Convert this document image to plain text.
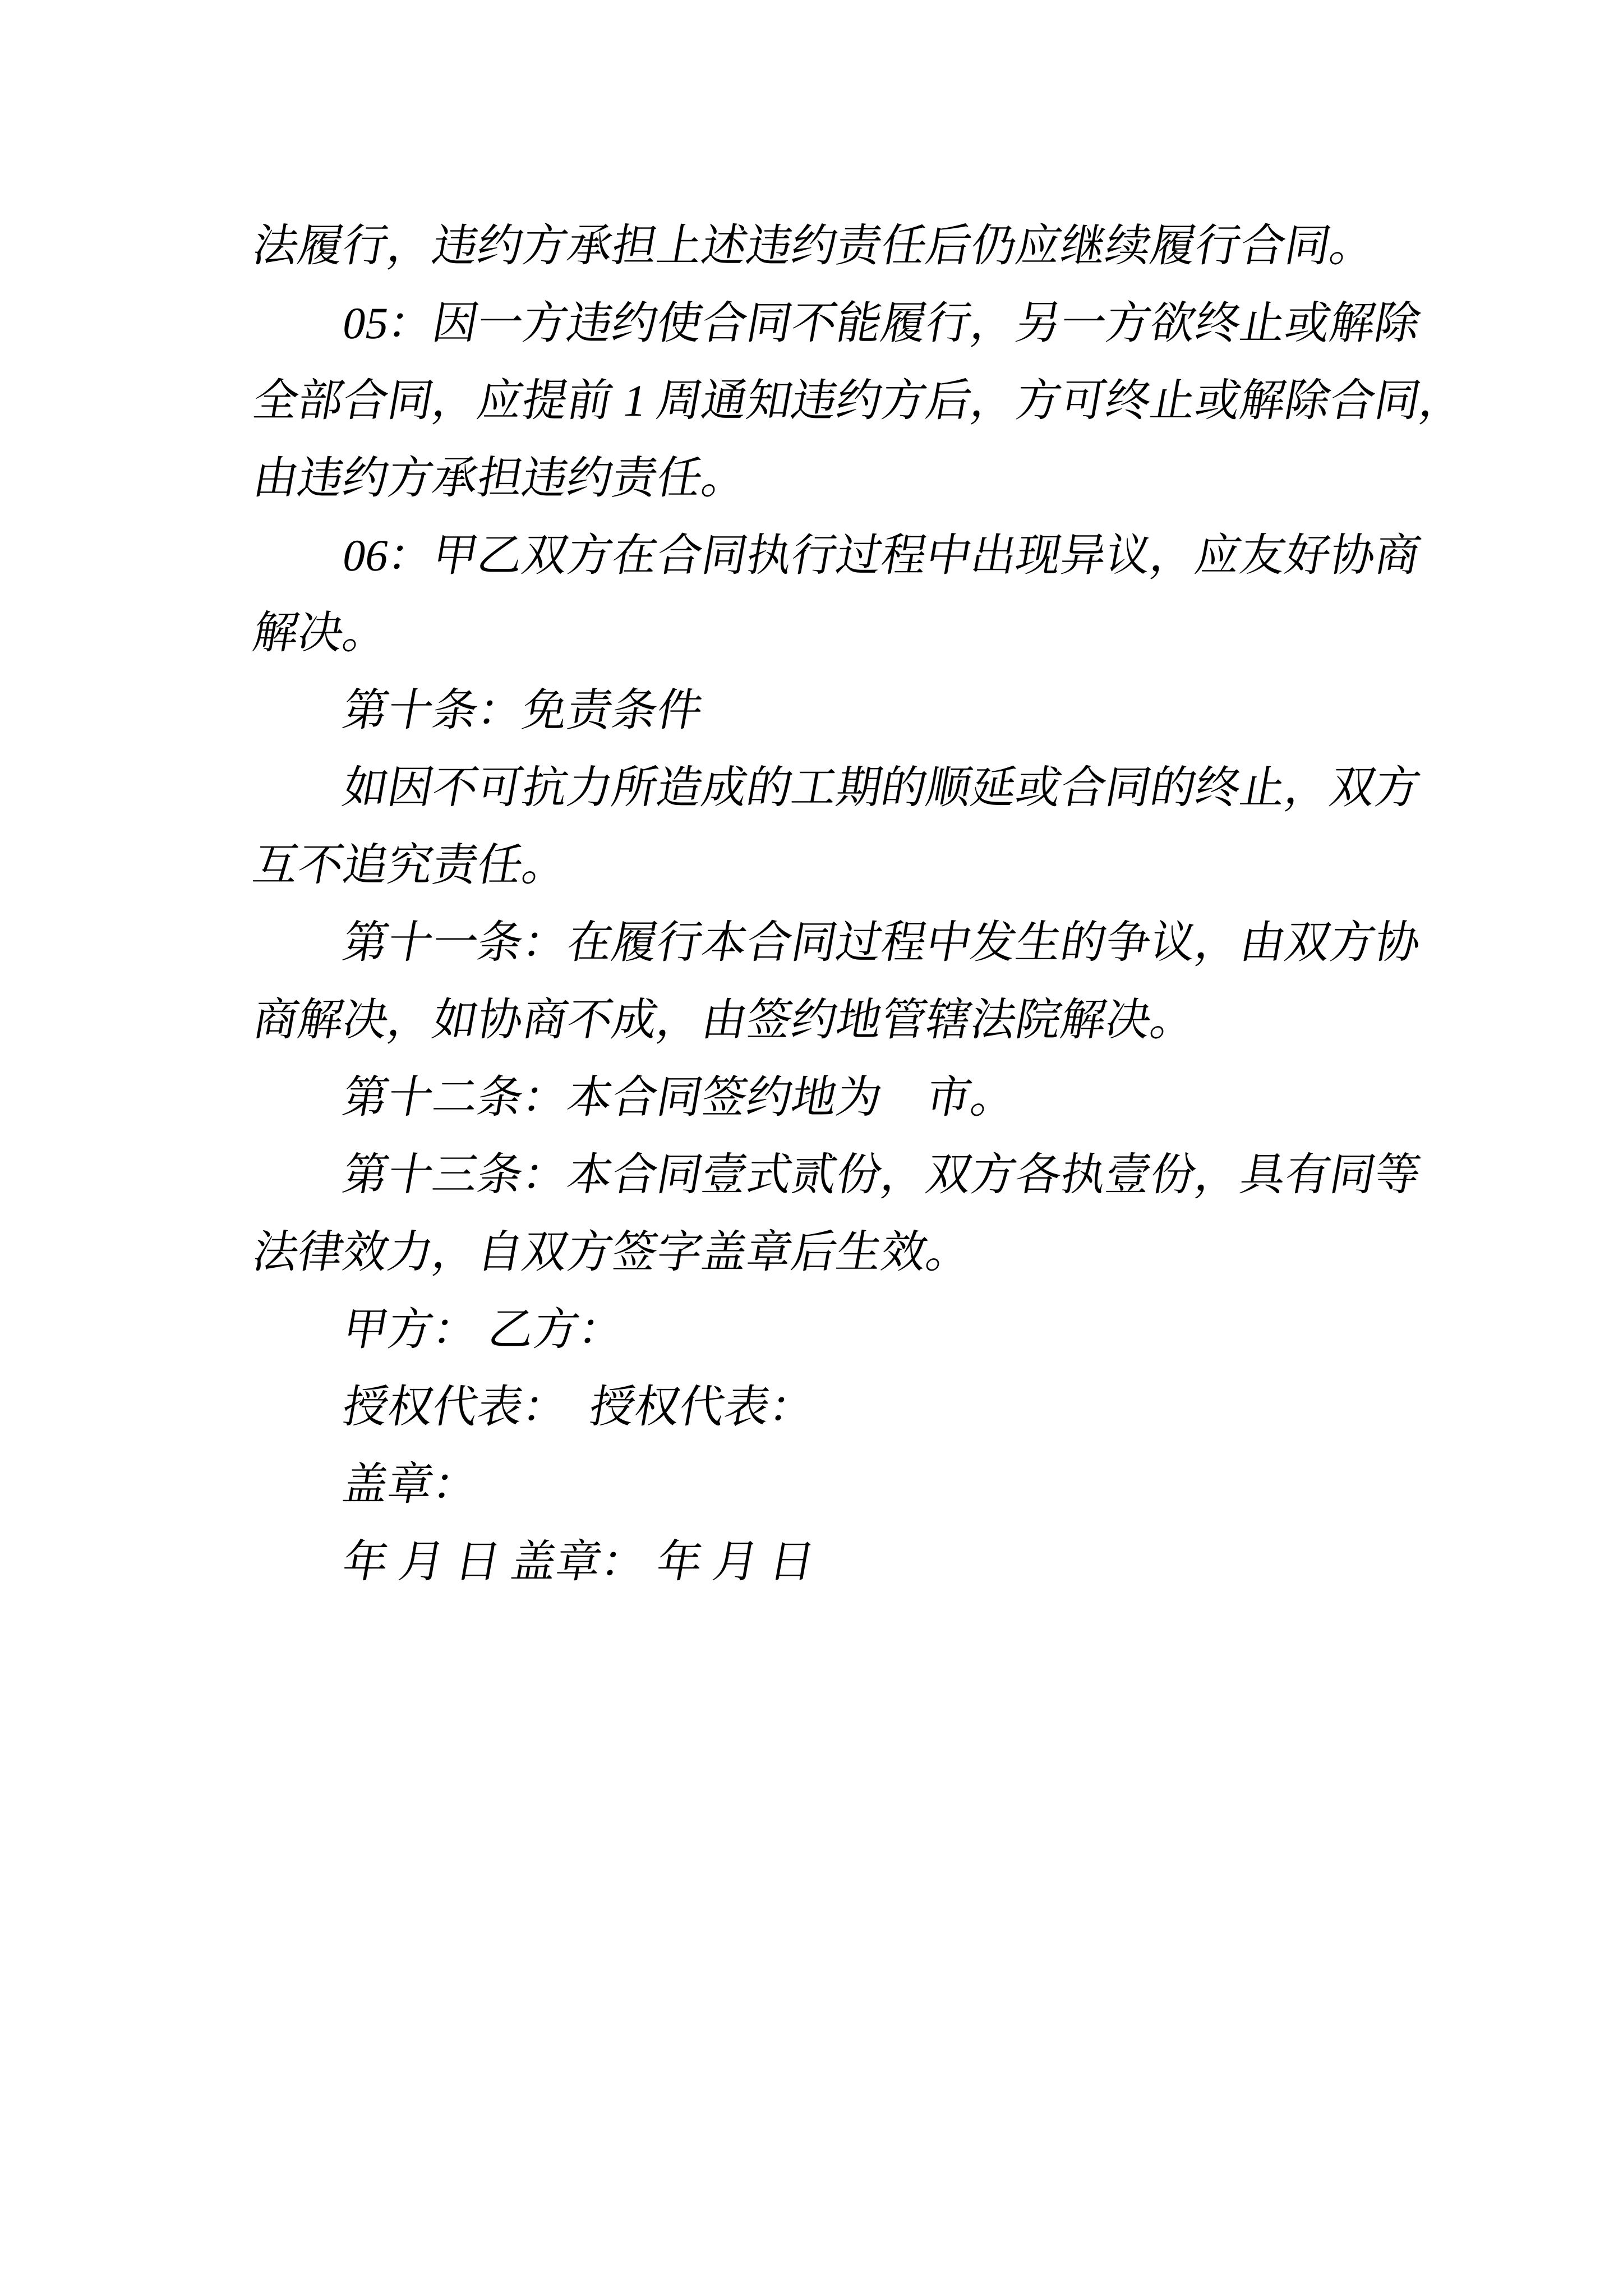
法履行，违约方承担上述违约责任后仍应继续履行合同。

05：因一方违约使合同不能履行，另一方欲终止或解除

全部合同，应提前 1 周通知违约方后，方可终止或解除合同，

由违约方承担违约责任。

06：甲乙双方在合同执行过程中出现异议，应友好协商

解决。

第十条：免责条件

如因不可抗力所造成的工期的顺延或合同的终止，双方

互不追究责任。

第十一条：在履行本合同过程中发生的争议，由双方协

商解决，如协商不成，由签约地管辖法院解决。

第十二条：本合同签约地为　市。

第十三条：本合同壹式贰份，双方各执壹份，具有同等

法律效力，自双方签字盖章后生效。

甲方： 乙方：

授权代表：　授权代表：

盖章：

年 月 日 盖章： 年 月 日
